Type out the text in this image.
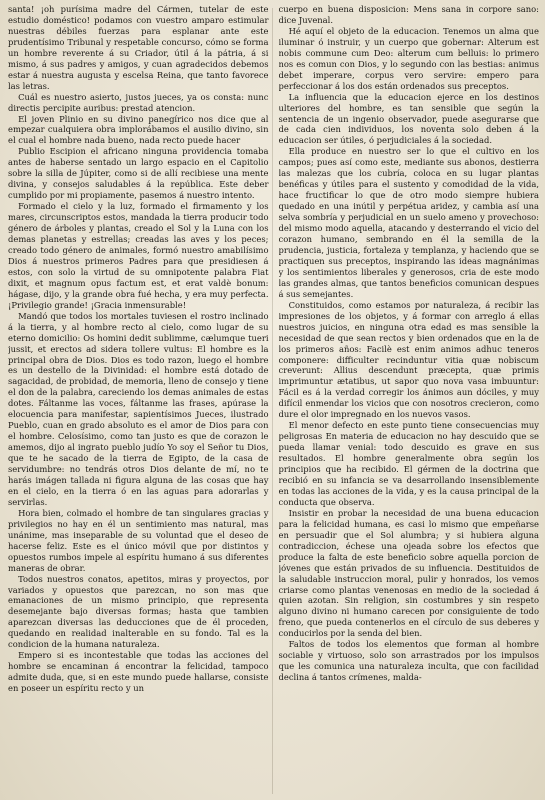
santa! ¡oh purísima madre del Cármen, tutelar de este estudio doméstico! podamos con vuestro amparo estimular nuestras débiles fuerzas para esplanar ante este prudentísimo Tribunal y respetable concurso, cómo se forma un hombre reverente á su Criador, útil á la pátria, á si mismo, á sus padres y amigos, y cuan agradecidos debemos estar á nuestra augusta y escelsa Reina, que tanto favorece las letras.

Cuál es nuestro asierto, justos jueces, ya os consta: nunc directis percipite auribus: prestad atencion.

El joven Plinio en su divino panegírico nos dice que al empezar cualquiera obra implorábamos el ausilio divino, sin el cual el hombre nada bueno, nada recto puede hacer

Publio Escipion el africano ninguna providencia tomaba antes de haberse sentado un largo espacio en el Capitolio sobre la silla de Júpiter, como si de allí recibiese una mente divina, y consejos saludables á la república. Este deber cumplido por mi propiamente, pasemos á nuestro intento.

Formado el cielo y la luz, formado el firmamento y los mares, circunscriptos estos, mandada la tierra producir todo género de árboles y plantas, creado el Sol y la Luna con los demas planetas y estrellas; creadas las aves y los peces; creado todo género de animales, formó nuestro amabilísimo Dios á nuestros primeros Padres para que presidiesen á estos, con solo la virtud de su omnipotente palabra Fiat dixit, et magnum opus factum est, et erat valdè bonum: hágase, dijo, y la grande obra fué hecha, y era muy perfecta. ¡Privilegio grande! ¡Gracia inmensurable!

Mandó que todos los mortales tuviesen el rostro inclinado á la tierra, y al hombre recto al cielo, como lugar de su eterno domicilio: Os homini dedit sublimme, cælumque tueri jussit, et erectos ad sidera tollere vultus: El hombre es la principal obra de Dios. Dios es todo razon, luego el hombre es un destello de la Divinidad: el hombre está dotado de sagacidad, de probidad, de memoria, lleno de consejo y tiene el don de la palabra, careciendo los demas animales de estas dotes. Fáltanme las voces, fáltanme las frases, apúrase la elocuencia para manifestar, sapientísimos Jueces, ilustrado Pueblo, cuan en grado absoluto es el amor de Dios para con el hombre. Celosísimo, como tan justo es que de corazon le amemos, dijo al ingrato pueblo judío Yo soy el Señor tu Dios, que te he sacado de la tierra de Egipto, de la casa de servidumbre: no tendrás otros Dios delante de mí, no te harás imágen tallada ni figura alguna de las cosas que hay en el cielo, en la tierra ó en las aguas para adorarlas y servirlas.

Hora bien, colmado el hombre de tan singulares gracias y privilegios no hay en él un sentimiento mas natural, mas unánime, mas inseparable de su voluntad que el deseo de hacerse feliz. Este es el único móvil que por distintos y opuestos rumbos impele al espíritu humano á sus diferentes maneras de obrar.

Todos nuestros conatos, apetitos, miras y proyectos, por variados y opuestos que parezcan, no son mas que emanaciones de un mismo principio, que representa desemejante bajo diversas formas; hasta que tambien aparezcan diversas las deducciones que de él proceden, quedando en realidad inalterable en su fondo. Tal es la condicion de la humana naturaleza.

Empero si es incontestable que todas las acciones del hombre se encaminan á encontrar la felicidad, tampoco admite duda, que, si en este mundo puede hallarse, consiste en poseer un espíritu recto y un

cuerpo en buena disposicion: Mens sana in corpore sano: dice Juvenal.

Hé aquí el objeto de la educacion. Tenemos un alma que iluminar ó instruir, y un cuerpo que gobernar: Alterum est nobis commune cum Deo: alterum cum belluis: lo primero nos es comun con Dios, y lo segundo con las bestias: animus debet imperare, corpus vero servire: empero para perfeccionar á los dos están ordenados sus preceptos.

La influencia que la educacion ejerce en los destinos ulteriores del hombre, es tan sensible que según la sentencia de un ingenio observador, puede asegurarse que de cada cien individuos, los noventa solo deben á la educacion ser útiles, ó perjudiciales á la sociedad.

Ella produce en nuestro ser lo que el cultivo en los campos; pues así como este, mediante sus abonos, destierra las malezas que los cubría, coloca en su lugar plantas benéficas y útiles para el sustento y comodidad de la vida, hace fructificar lo que de otro modo siempre hubiera quedado en una inútil y perpétua aridez, y cambia así una selva sombría y perjudicial en un suelo ameno y provechoso: del mismo modo aquella, atacando y desterrando el vicio del corazon humano, sembrando en él la semilla de la prudencia, justicia, fortaleza y templanza, y haciendo que se practiquen sus preceptos, inspirando las ideas magnánimas y los sentimientos liberales y generosos, cria de este modo las grandes almas, que tantos beneficios comunican despues á sus semejantes.

Constituidos, como estamos por naturaleza, á recibir las impresiones de los objetos, y á formar con arreglo á ellas nuestros juicios, en ninguna otra edad es mas sensible la necesidad de que sean rectos y bien ordenados que en la de los primeros años: Facilè est enim animos adhuc teneros componere: difficulter recinduntur vitia quæ nobiscum creverunt: Allius descendunt præcepta, quæ primis imprimuntur ætatibus, ut sapor quo nova vasa imbuuntur: Fácil es á la verdad corregir los ánimos aun dóciles, y muy difícil enmendar los vicios que con nosotros crecieron, como dure el olor impregnado en los nuevos vasos.

El menor defecto en este punto tiene consecuencias muy peligrosas En materia de educacion no hay descuido que se pueda llamar venial: todo descuido es grave en sus resultados. El hombre generalmente obra según los principios que ha recibido. El gérmen de la doctrina que recibió en su infancia se va desarrollando insensiblemente en todas las acciones de la vida, y es la causa principal de la conducta que observa.

Insistir en probar la necesidad de una buena educacion para la felicidad humana, es casi lo mismo que empeñarse en persuadir que el Sol alumbra; y si hubiera alguna contradiccion, échese una ojeada sobre los efectos que produce la falta de este beneficio sobre aquella porcion de jóvenes que están privados de su influencia. Destituidos de la saludable instruccion moral, pulir y honrados, los vemos criarse como plantas venenosas en medio de la sociedad á quien azotan. Sin religion, sin costumbres y sin respeto alguno divino ni humano carecen por consiguiente de todo freno, que pueda contenerlos en el círculo de sus deberes y conducirlos por la senda del bien.

Faltos de todos los elementos que forman al hombre sociable y virtuoso, solo son arrastrados por los impulsos que les comunica una naturaleza inculta, que con facilidad declina á tantos crímenes, malda-
